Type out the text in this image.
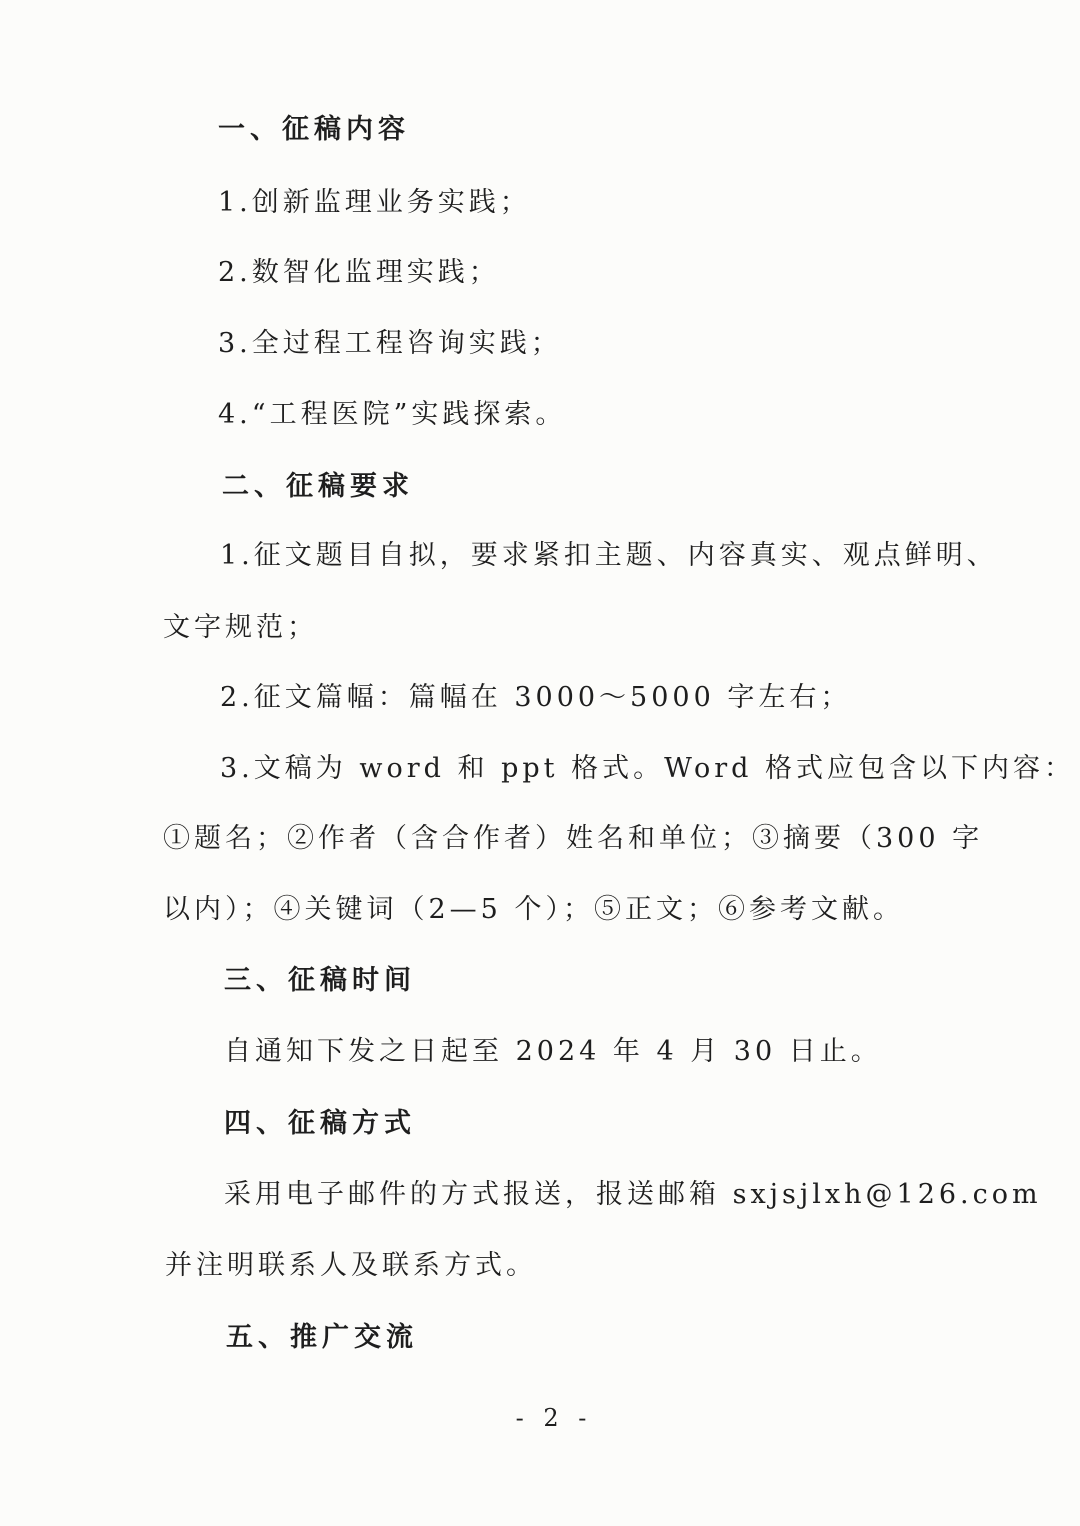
一、征稿内容
1.创新监理业务实践；
2.数智化监理实践；
3.全过程工程咨询实践；
4.“工程医院”实践探索。
二、征稿要求
1.征文题目自拟，要求紧扣主题、内容真实、观点鲜明、
文字规范；
2.征文篇幅：篇幅在 3000～5000 字左右；
3.文稿为 word 和 ppt 格式。Word 格式应包含以下内容：
①题名；②作者（含合作者）姓名和单位；③摘要（300 字
以内）；④关键词（2—5 个）；⑤正文；⑥参考文献。
三、征稿时间
自通知下发之日起至 2024 年 4 月 30 日止。
四、征稿方式
采用电子邮件的方式报送，报送邮箱 sxjsjlxh@126.com
并注明联系人及联系方式。
五、推广交流
- 2 -
